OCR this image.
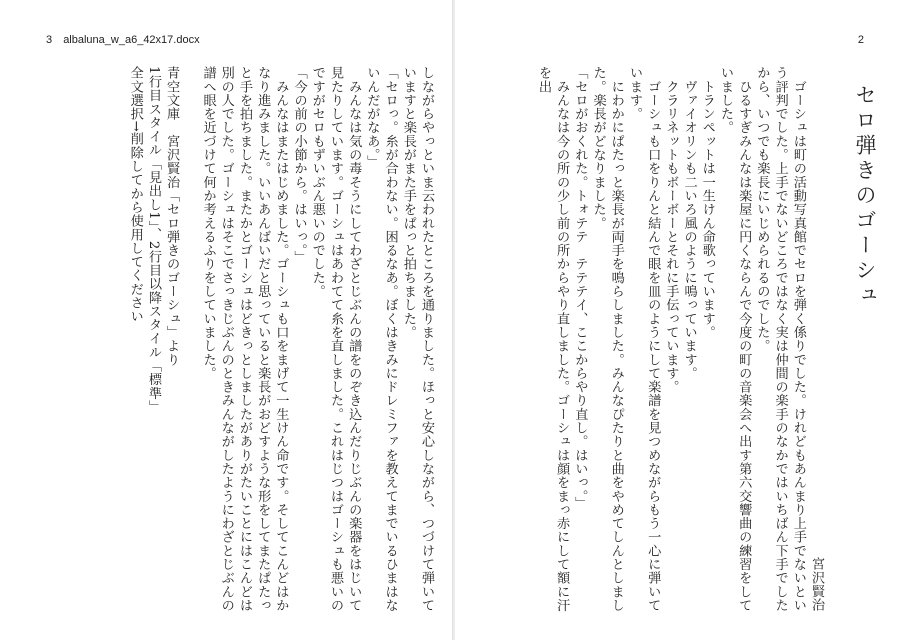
3 albaluna_w_a6_42x17.docx

しながらやっといま云われたところを通りました。ほっと安心しながら、つづけて弾いていますと楽長がまた手をぱっと拍ちました。

「セロっ。糸が合わない。困るなあ。ぼくはきみにドレミファを教えてまでいるひまはないんだがなあ。」

　みんなは気の毒そうにしてわざとじぶんの譜をのぞき込んだりじぶんの楽器をはじいて見たりしています。ゴーシュはあわてて糸を直しました。これはじつはゴーシュも悪いのですがセロもずいぶん悪いのでした。

「今の前の小節から。はいっ。」

　みんなはまたはじめました。ゴーシュも口をまげて一生けん命です。そしてこんどはかなり進みました。いいあんばいだと思っていると楽長がおどすような形をしてまたぱたっと手を拍ちました。またかとゴーシュはどきっとしましたがありがたいことにはこんどは別の人でした。ゴーシュはそこでさっきじぶんのときみんながしたようにわざとじぶんの譜へ眼を近づけて何か考えるふりをしていました。

青空文庫　宮沢賢治「セロ弾きのゴーシュ」より

1行目スタイル「見出し1」、2行目以降スタイル「標準」

全文選択→削除してから使用してください

2

セロ弾きのゴーシュ

宮沢賢治

　ゴーシュは町の活動写真館でセロを弾く係りでした。けれどもあんまり上手でないという評判でした。上手でないどころではなく実は仲間の楽手のなかではいちばん下手でしたから、いつでも楽長にいじめられるのでした。

　ひるすぎみんなは楽屋に円くならんで今度の町の音楽会へ出す第六交響曲の練習をしていました。

　トランペットは一生けん命歌っています。

　ヴァイオリンも二いろ風のように鳴っています。

　クラリネットもボーボーとそれに手伝っています。

　ゴーシュも口をりんと結んで眼を皿のようにして楽譜を見つめながらもう一心に弾いています。

　にわかにぱたっと楽長が両手を鳴らしました。みんなぴたりと曲をやめてしんとしました。楽長がどなりました。

「セロがおくれた。トォテテ　テテテイ、ここからやり直し。はいっ。」

　みんなは今の所の少し前の所からやり直しました。ゴーシュは顔をまっ赤にして額に汗を出
